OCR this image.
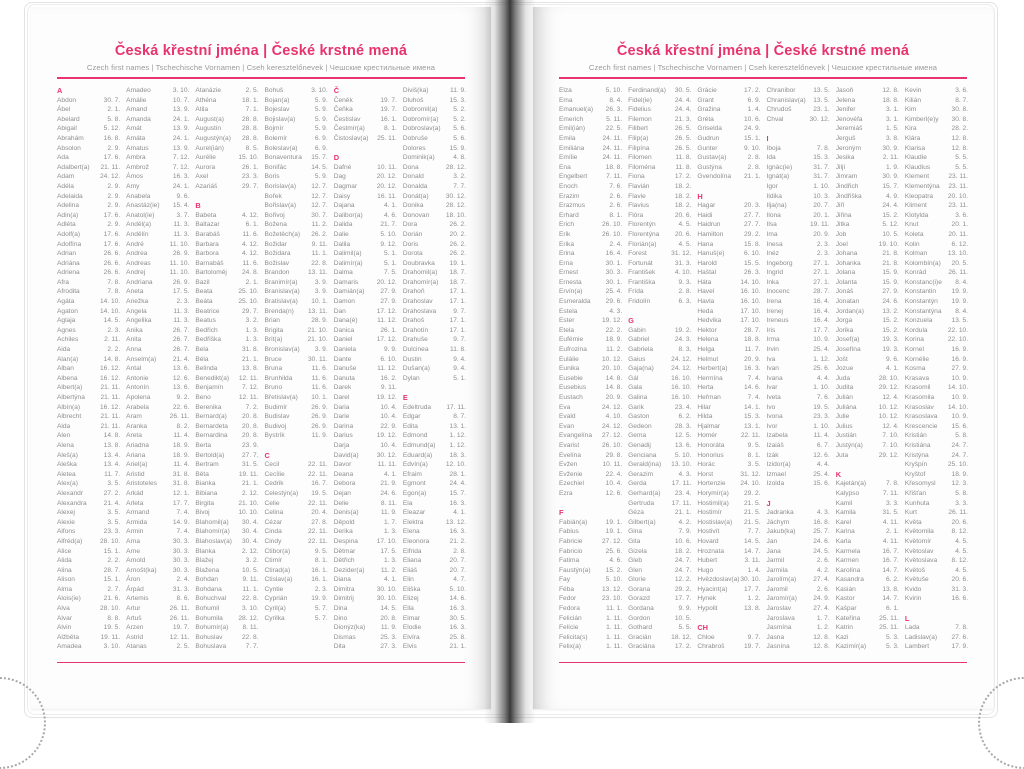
Česká křestní jména | České krstné mená
Czech first names | Tschechische Vornamen | Cseh keresztelőnevek | Чешские крестильные имена
A
Abdon	30. 7.
Ábel	2. 1.
Abelard	5. 8.
Abigail	5. 12.
Abrahám	16. 8.
Absolon	2. 9.
Ada	17. 6.
Adalbert(a) 21. 11.
Adam	24. 12.
Adéla	2. 9.
Adelaida	2. 9.
Adelina	2. 9.
Adin(a)	17. 6.
Adléta	2. 9.
Adolf(a)	17. 6.
Adolfína	17. 6.
Adrian	26. 6.
Adriána	26. 6.
Adriena	26. 6.
Afra	7. 8.
Afrodita	7. 8.
Agáta	14. 10.
Agaton	14. 10.
Aglaja	14. 5.
Agnes	2. 3.
Achiles	2. 11.
Aida	2. 2.
Alan(a)	14. 8.
Alban	16. 12.
Albena	16. 12.
Albert(a)	21. 11.
Albertýna 21. 11.
Albín(a)	16. 12.
Albrecht	21. 11.
Alda	21. 11.
Alen	14. 8.
Alena	13. 8.
Aleš(a)	13. 4.
Aleška	13. 4.
Aletea	11. 7.
Alex(a)	3. 5.
Alexandr	27. 2.
Alexandra	21. 4.
Alexej	3. 5.
Alexie	3. 5.
Alfons	23. 3.
Alfréd(a)	28. 10.
Alice	15. 1.
Alida	2. 2.
Alina	28. 7.
Alison	15. 1.
Alma	2. 7.
Alois(ie)	21. 6.
Alva	28. 10.
Alvar	8. 8.
Alvin	19. 5.
Alžběta	19. 11.
Amadea	3. 10.
Amadeo	3. 10.
Amálie	10. 7.
Amand	13. 9.
Amanda	24. 1.
Amát	13. 9.
Amáta	24. 1.
Amatus	13. 9.
Ambra	7. 12.
Ambrož	7. 12.
Ámos	16. 3.
Amy	24. 1.
Anabela	9. 6.
Anastáz(ie) 15. 4.
Anatol(ie)	3. 7.
Anděl(a)	11. 3.
Andělín	11. 3.
André	11. 10.
Andrea	26. 9.
Andreas	11. 10.
Andrej	11. 10.
Andriana	26. 9.
Aneta	17. 5.
Anežka	2. 3.
Angela	11. 3.
Angelika	11. 3.
Anika	26. 7.
Anita	26. 7.
Anna	26. 7.
Anselm(a)	21. 4.
Antal	13. 6.
Antonie	12. 6.
Antonín	13. 6.
Apolena	9. 2.
Arabela	22. 6.
Aram	26. 11.
Aranka	8. 2.
Areta	11. 4.
Ariadna	18. 9.
Ariana	18. 9.
Ariel(a)	11. 4.
Aristid	31. 8.
Aristoteles 31. 8.
Arkád	12. 1.
Arleta	17. 7.
Armand	7. 4.
Armida	14. 9.
Armin	7. 4.
Arna	30. 3.
Arne	30. 3.
Arnold	30. 3.
Arnošt(ka) 30. 3.
Áron	2. 4.
Árpád	31. 3.
Artemis	8. 6.
Artur	26. 11.
Artuš	26. 11.
Arzen	19. 7.
Astrid	12. 11.
Atanas	2. 5.
Atanázie	2. 5.
Athéna	18. 1.
Atila	7. 1.
August(a)	28. 8.
Augustin	28. 8.
Augustýn(a) 28. 8.
Aurel(ián)	8. 5.
Aurélie	15. 10.
Aurora	26. 1.
Axel	23. 3.
Azariáš	29. 7.
B
Babeta	4. 12.
Baltazar	6. 1.
Barabáš	11. 6.
Barbara	4. 12.
Barbora	4. 12.
Barnabáš	11. 6.
Bartoloměj 24. 8.
Bazil	2. 1.
Beata	25. 10.
Beáta	25. 10.
Beatrice	29. 7.
Beatus	3. 2.
Bedřich	1. 3.
Bedřiška	1. 3.
Bela	31. 8.
Béla	21. 1.
Belinda	13. 8.
Benedikt(a) 12. 11.
Benjamín	7. 12.
Beno	12. 11.
Berenika	7. 2.
Bernard(a) 20. 8.
Bernardeta 20. 8.
Bernardina 20. 8.
Berta	23. 9.
Bertold(a)	27. 7.
Bertram	31. 5.
Běta	19. 11.
Bianka	21. 1.
Bibiana	2. 12.
Birgita	21. 10.
Bivoj	10. 10.
Blahomil(a) 30. 4.
Blahomír(a) 30. 4.
Blahoslav(a) 30. 4.
Blanka	2. 12.
Blažej	3. 2.
Blažena	10. 5.
Bohdan	9. 11.
Bohdana	11. 1.
Bohuchval 22. 8.
Bohumil	3. 10.
Bohumila 28. 12.
Bohumír(a) 8. 11.
Bohuslav	22. 8.
Bohuslava	7. 7.
Bohuš	3. 10.
Bojan(a)	5. 9.
Bojeslav	5. 9.
Bojislav(a)	5. 9.
Bojmír	5. 9.
Bolemír	6. 9.
Boleslav(a)	6. 9.
Bonaventura 15. 7.
Bonifác	14. 5.
Boris	5. 9.
Borislav(a) 12. 7.
Bořek	12. 7.
Bořislav(a) 12. 7.
Bořivoj	30. 7.
Božena	11. 2.
Božetěch(a) 26. 2.
Božidar	9. 11.
Božidara	11. 1.
Božislav	22. 8.
Brandon	13. 11.
Branimír(a)	3. 9.
Branislav(a) 3. 9.
Bratislav(a) 10. 1.
Brenda(n) 13. 11.
Brian	28. 9.
Brigita	21. 10.
Brit(a)	21. 10.
Bronislav(a) 3. 9.
Bruce	30. 11.
Bruna	11. 6.
Brunhilda	11. 6.
Bruno	11. 6.
Břetislav(a) 10. 1.
Budimír	26. 9.
Budislav	26. 9.
Budivoj	26. 9.
Bystrík	11. 9.
C
Cecil	22. 11.
Cecílie	22. 11.
Cedrik	16. 7.
Celestýn(a) 19. 5.
Celie	22. 11.
Celina	20. 4.
Cézar	27. 8.
Cinda	22. 11.
Cindy	22. 11.
Ctibor(a)	9. 5.
Ctimír	8. 1.
Ctirad(a)	16. 1.
Ctislav(a)	16. 1.
Cyntie	2. 3.
Cyprián	19. 9.
Cyril(a)	5. 7.
Cyrilka	5. 7.
Č
Čeněk	19. 7.
Čeňka	19. 7.
Čestislav	16. 1.
Čestmír(a)	8. 1.
Čistoslav(a) 25. 11.
D
Dafné	10. 11.
Dag	20. 12.
Dagmar	20. 12.
Daisy	16. 11.
Dajana	4. 1.
Dalibor(a)	4. 6.
Dalida	21. 7.
Dalie	5. 10.
Dalila	9. 12.
Dalimil(a)	5. 1.
Dalimír(a)	5. 1.
Dalma	7. 5.
Damaris	20. 12.
Damián(a) 27. 9.
Damon	27. 9.
Dan	17. 12.
Dana(é)	11. 12.
Danica	26. 1.
Daniel	17. 12.
Daniela	9. 9.
Dante	6. 10.
Danuše	11. 12.
Danuta	16. 2.
Darek	9. 11.
Darel	19. 12.
Daria	10. 4.
Darie	10. 4.
Darina	22. 9.
Darius	19. 12.
Darja	10. 4.
David(a)	30. 12.
Davor	11. 11.
Deana	4. 1.
Debora	21. 9.
Dejan	24. 6.
Delie	8. 11.
Denis(a)	11. 9.
Děpold	1. 7.
Derika	1. 3.
Despina	17. 10.
Dětmar	17. 5.
Dětřich	1. 3.
Dezider(a) 11. 2.
Diana	4. 1.
Dimitra	30. 10.
Dimitrij	30. 10.
Dina	14. 5.
Dino	20. 8.
Dionýz(ka) 11. 9.
Dismas	25. 3.
Dita	27. 3.
Diviš(ka)	11. 9.
Dluhoš	15. 3.
Dobromil(a) 5. 2.
Dobromír(a) 5. 2.
Dobroslav(a) 5. 6.
Dobruše	5. 6.
Dolores	15. 9.
Dominik(a)	4. 8.
Dona	28. 12.
Donald	3. 2.
Donalda	7. 7.
Donát(a)	30. 12.
Donika	28. 12.
Donovan	18. 10.
Dora	26. 2.
Dorián	20. 2.
Doris	26. 2.
Dorota	26. 2.
Doubravka 19. 1.
Drahomil(a) 18. 7.
Drahomír(a) 18. 7.
Drahoň	17. 1.
Drahoslav	17. 1.
Drahoslava	9. 7.
Drahoš	17. 1.
Drahotín	17. 1.
Drahuše	9. 7.
Dulcinea	11. 8.
Dustin	9. 4.
Dušan(a)	9. 4.
Dylan	5. 1.
E
Edeltruda 17. 11.
Edgar	8. 7.
Edita	13. 1.
Edmond	1. 12.
Edmund(a) 1. 12.
Eduard(a)	18. 3.
Edvín(a)	12. 10.
Efraim	28. 1.
Egmont	24. 4.
Egon(a)	15. 7.
Ela	16. 3.
Eleazar	4. 1.
Elektra	13. 12.
Elena	16. 3.
Eleonora	21. 2.
Elfrida	2. 8.
Eliana	20. 7.
Eliáš	20. 7.
Elin	4. 7.
Eliška	5. 10.
Elizej	14. 6.
Ella	16. 3.
Elmar	30. 5.
Elodie	16. 3.
Elvíra	25. 8.
Elvis	21. 1.
Česká křestní jména | České krstné mená
Czech first names | Tschechische Vornamen | Cseh keresztelőnevek | Чешские крестильные имена
Elza	5. 10.
Ema	8. 4.
Emanuel(a) 26. 3.
Emerich	5. 11.
Emil(ián)	22. 5.
Emila	24. 11.
Emiliána	24. 11.
Emílie	24. 11.
Ena	18. 8.
Engelbert	7. 11.
Enoch	7. 6.
Erazim	2. 6.
Erazmus	2. 6.
Erhard	8. 1.
Erich	26. 10.
Erik	26. 10.
Erika	2. 4.
Erina	16. 4.
Erna	30. 1.
Ernest	30. 3.
Ernesta	30. 1.
Ervín(a)	25. 4.
Esmeralda 29. 6.
Estela	4. 3.
Ester	19. 12.
Etela	22. 2.
Eufémie	18. 9.
Eufrozina	11. 2.
Eulálie	10. 12.
Eunika	20. 10.
Eusebie	14. 8.
Eusebius	14. 8.
Eustach	20. 9.
Eva	24. 12.
Evald	4. 10.
Evan	24. 12.
Evangelína 27. 12.
Evarist	26. 10.
Evelína	29. 8.
Evžen	10. 11.
Evženie	22. 4.
Ezechiel	10. 4.
Ezra	12. 6.
F
Fabián(a)	19. 1.
Fabius	19. 1.
Fabricie	27. 12.
Fabricio	25. 6.
Fatima	4. 6.
Faustýn(a) 15. 2.
Fay	5. 10.
Féba	13. 12.
Fedor	23. 10.
Fedora	11. 1.
Felicián	1. 11.
Felície	1. 11.
Felicita(s)	1. 11.
Felix(a)	1. 11.
Ferdinand(a) 30. 5.
Fidel(ie)	24. 4.
Fidelius	24. 4.
Filemon	21. 3.
Filibert	26. 5.
Filip(a)	26. 5.
Filipína	26. 5.
Filomen	11. 8.
Filoména	11. 8.
Fiona	17. 2.
Flavián	18. 2.
Flavie	18. 2.
Flavius	18. 2.
Flóra	20. 6.
Florentýn	4. 5.
Florentýna 20. 6.
Florián(a)	4. 5.
Forest	31. 12.
Fortunát	31. 3.
František	4. 10.
Františka	9. 3.
Frída	2. 8.
Fridolín	6. 3.
G
Gabin	19. 2.
Gabriel	24. 3.
Gabriela	8. 3.
Gaius	24. 12.
Gaja(na)	24. 12.
Gál	16. 10.
Gala	16. 10.
Galina	16. 10.
Garik	23. 4.
Gaston	6. 2.
Gedeon	28. 3.
Gema	12. 5.
Genadij	13. 6.
Genciana	5. 10.
Gerald(ina) 13. 10.
Gerazim	4. 3.
Gerda	17. 11.
Gerhard(a) 23. 4.
Gertruda	17. 11.
Géza	21. 1.
Gilbert(a)	4. 2.
Gina	7. 9.
Gita	10. 6.
Gizela	18. 2.
Gleb	24. 7.
Glen	24. 7.
Glorie	12. 2.
Gorana	29. 2.
Gorazd	17. 7.
Gordana	9. 9.
Gordon	10. 5.
Gothard	5. 5.
Gracián	18. 12.
Graciána	17. 2.
Grácie	17. 2.
Grant	6. 9.
Gražina	1. 4.
Gréta	10. 6.
Griselda	24. 9.
Gudrun	15. 1.
Gunter	9. 10.
Gustav(a)	2. 8.
Gustýna	2. 8.
Gvendolína 21. 1.
H
Hagar	20. 3.
Haidi	27. 7.
Haidrun	27. 7.
Hamilton	29. 2.
Hana	15. 8.
Hanuš(e)	6. 10.
Harold	15. 5.
Haštal	26. 3.
Háta	14. 10.
Havel	16. 10.
Havla	16. 10.
Heda	17. 10.
Hedvika	17. 10.
Hektor	28. 7.
Helena	18. 8.
Helga	11. 7.
Helmut	20. 9.
Herbert(a)	16. 3.
Hermína	7. 4.
Herta	14. 6.
Heřman	7. 4.
Hilar	14. 1.
Hilda	15. 3.
Hjalmar	13. 1.
Homér	22. 11.
Honoráta	9. 5.
Honorius	8. 1.
Horác	3. 5.
Horst	31. 12.
Hortenzie 24. 10.
Horymír(a) 29. 2.
Hostimil(a) 21. 5.
Hostimír	21. 5.
Hostislav(a) 21. 5.
Hostivít	7. 7.
Hovard	14. 5.
Hroznata	14. 7.
Hubert	3. 11.
Hugo	1. 4.
Hvězdoslav(a) 30. 10.
Hyacint(a)	17. 7.
Hynek	1. 2.
Hypolit	13. 8.
CH
Chloe	9. 7.
Chrabroš	19. 7.
Chranibor	13. 5.
Chranislav(a) 13. 5.
Chrudoš	23. 1.
Chval	30. 12.
I
Iboja	7. 8.
Ida	15. 3.
Ignác(ie)	31. 7.
Ignát(a)	31. 7.
Igor	1. 10.
Ildika	10. 3.
Ilja(na)	20. 7.
Ilona	20. 1.
Ilsa	19. 11.
Ima	20. 9.
Inesa	2. 3.
Inéz	2. 3.
Ingeborg	27. 1.
Ingrid	27. 1.
Inka	27. 1.
Inocenc	28. 7.
Irena	16. 4.
Irenej	16. 4.
Ireneus	16. 4.
Iris	17. 7.
Irma	10. 9.
Irvin	25. 4.
Iva	1. 12.
Ivan	25. 6.
Ivana	4. 4.
Ivar	1. 10.
Iveta	7. 6.
Ivo	19. 5.
Ivona	23. 3.
Ivor	1. 10.
Izabela	11. 4.
Izaiáš	6. 7.
Izák	12. 6.
Izidor(a)	4. 4.
Izmael	25. 4.
Izolda	15. 6.
J
Jadranka	4. 3.
Jáchym	16. 8.
Jakub(ka)	25. 7.
Jan	24. 6.
Jana	24. 5.
Jarmil	2. 6.
Jarmila	4. 2.
Jarolím(a)	27. 4.
Jaromil	2. 6.
Jaromír(a) 24. 9.
Jaroslav	27. 4.
Jaroslava	1. 7.
Jasmína	1. 2.
Jasna	12. 8.
Jasnína	12. 8.
Jasoň	12. 8.
Jelena	18. 8.
Jenifer	3. 1.
Jenovéfa	3. 1.
Jeremiáš	1. 5.
Jerguš	3. 8.
Jeroným	30. 9.
Jesika	2. 11.
Jiljí	1. 9.
Jimram	30. 9.
Jindřich	15. 7.
Jindřiška	4. 9.
Jiří	24. 4.
Jiřina	15. 2.
Jitka	5. 12.
Job	10. 5.
Joel	19. 10.
Johana	21. 8.
Johanka	21. 8.
Jolana	15. 9.
Jolanta	15. 9.
Jonáš	27. 9.
Jonatan	24. 6.
Jordan(a)	13. 2.
Jorga	15. 2.
Jorika	15. 2.
Josef(a)	19. 3.
Josefína	19. 3.
Jošt	9. 6.
Jozue	4. 1.
Juda	28. 10.
Judita	29. 12.
Julián	12. 4.
Juliána	10. 12.
Julie	10. 12.
Julius	12. 4.
Justián	7. 10.
Justýn(a)	7. 10.
Juta	29. 12.
K
Kajetán(a)	7. 8.
Kalypso	7. 11.
Kamil	3. 3.
Kamila	31. 5.
Karel	4. 11.
Karina	2. 1.
Karla	4. 11.
Karmela	16. 7.
Karmen	16. 7.
Karolína	14. 7.
Kasandra	6. 2.
Kasián	13. 8.
Kastor	14. 7.
Kašpar	6. 1.
Kateřina	25. 11.
Katrin	25. 11.
Kazi	5. 3.
Kazimír(a)	5. 3.
Kevin	3. 6.
Kilián	8. 7.
Kim	30. 8.
Kimberl(e)y 30. 8.
Kira	28. 2.
Klára	12. 8.
Klarisa	12. 8.
Klaudie	5. 5.
Klaudius	5. 5.
Klement	23. 11.
Klementýna 23. 11.
Kleopatra 20. 10.
Kliment	23. 11.
Klotylda	3. 6.
Knut	20. 1.
Koleta	20. 11.
Kolin	6. 12.
Kolman	13. 10.
Kolombín(a) 20. 5.
Konrád	26. 11.
Konstanc(i)e 8. 4.
Konstantin 19. 9.
Konstantýn 19. 9.
Konstantýna 8. 4.
Konzuela	13. 5.
Kordula	22. 10.
Korina	22. 10.
Kornel	16. 9.
Kornélie	16. 9.
Kosma	27. 9.
Krasava	10. 9.
Krasomil	14. 10.
Krasomila	10. 9.
Krasoslav 14. 10.
Krasoslava 10. 9.
Krescencie 15. 6.
Kristián	5. 8.
Kristiána	24. 7.
Kristýna	24. 7.
Kryšpín	25. 10.
Kryštof	18. 9.
Křesomysl 12. 3.
Křišťan	5. 8.
Kunhuta	3. 3.
Kurt	26. 11.
Květa	20. 6.
Květomila	8. 12.
Květomír	4. 5.
Květoslav	4. 5.
Květoslava 8. 12.
Květoš	4. 5.
Květuše	20. 6.
Kvido	31. 3.
Kvirin	16. 6.
L
Lada	7. 8.
Ladislav(a) 27. 6.
Lambert	17. 9.
